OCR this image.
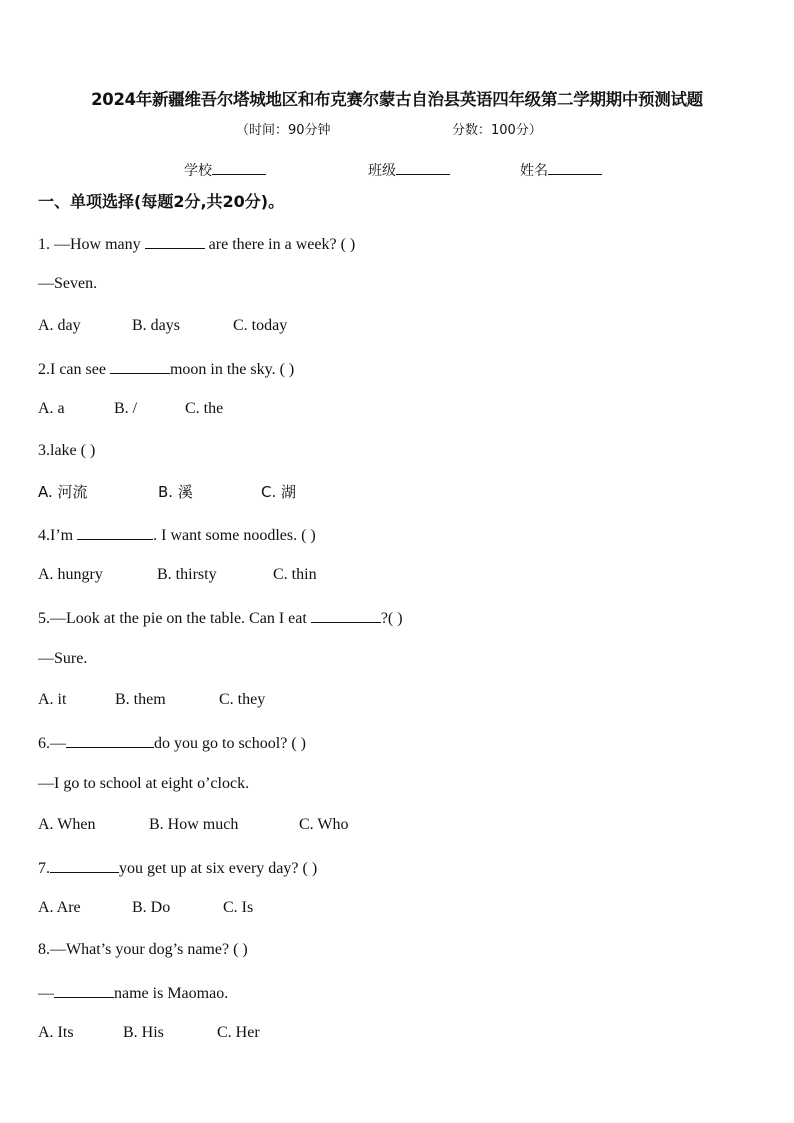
2024年新疆维吾尔塔城地区和布克赛尔蒙古自治县英语四年级第二学期期中预测试题
（时间：90分钟	分数：100分）
学校	班级	姓名
一、单项选择(每题2分,共20分)。
1. —How many	are there in a week? ( )
—Seven.
A. day	B. days	C. today
2.I can see	moon in the sky. ( )
A. a	B. /	C. the
3.lake ( )
A. 河流	B. 溪	C. 湖
4.I’m	. I want some noodles. ( )
A. hungry	B. thirsty	C. thin
5.—Look at the pie on the table. Can I eat	?( )
—Sure.
A. it	B. them	C. they
6.—	do you go to school? ( )
—I go to school at eight o’clock.
A. When	B. How much	C. Who
7.	you get up at six every day? ( )
A. Are	B. Do	C. Is
8.—What’s your dog’s name? ( )
—	name is Maomao.
A. Its	B. His	C. Her
